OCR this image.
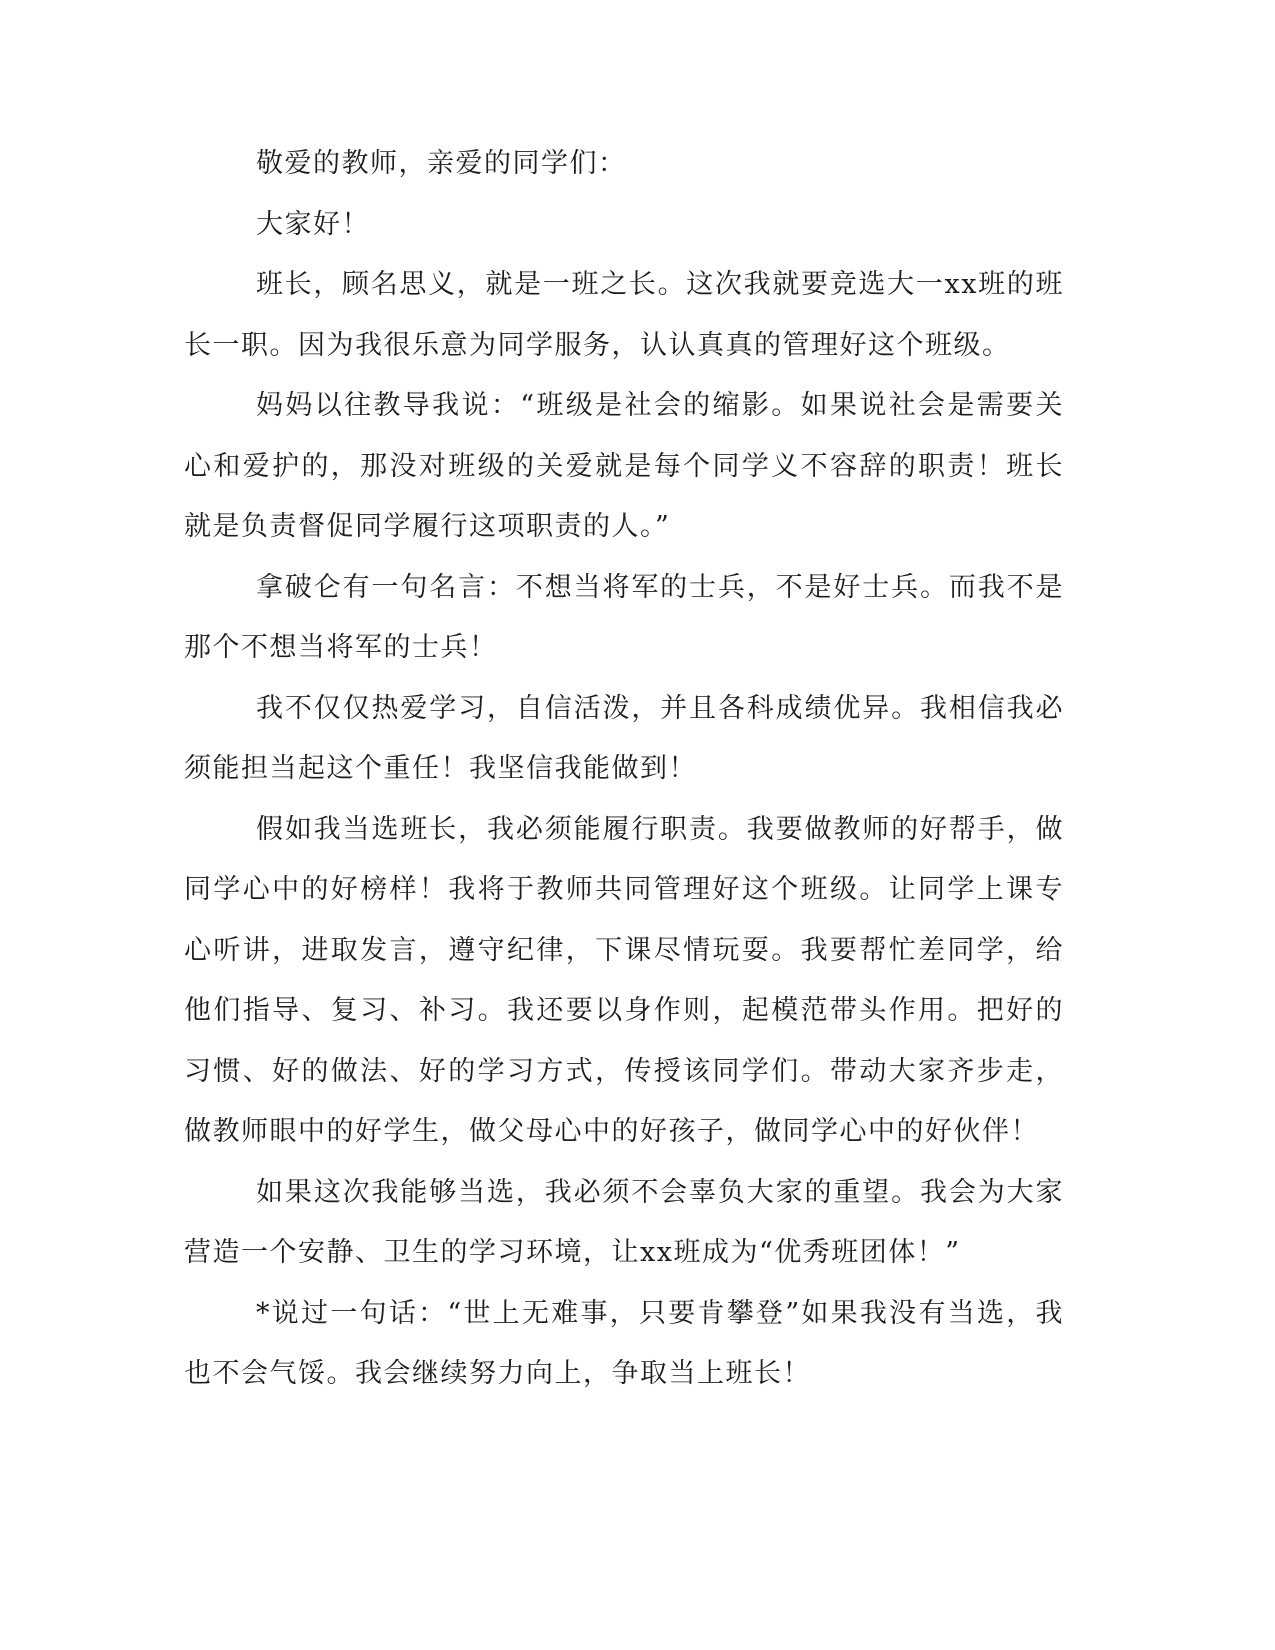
敬爱的教师，亲爱的同学们：

大家好！

班长，顾名思义，就是一班之长。这次我就要竞选大一xx班的班长一职。因为我很乐意为同学服务，认认真真的管理好这个班级。

妈妈以往教导我说：“班级是社会的缩影。如果说社会是需要关心和爱护的，那没对班级的关爱就是每个同学义不容辞的职责！班长就是负责督促同学履行这项职责的人。”

拿破仑有一句名言：不想当将军的士兵，不是好士兵。而我不是那个不想当将军的士兵！

我不仅仅热爱学习，自信活泼，并且各科成绩优异。我相信我必须能担当起这个重任！我坚信我能做到！

假如我当选班长，我必须能履行职责。我要做教师的好帮手，做同学心中的好榜样！我将于教师共同管理好这个班级。让同学上课专心听讲，进取发言，遵守纪律，下课尽情玩耍。我要帮忙差同学，给他们指导、复习、补习。我还要以身作则，起模范带头作用。把好的习惯、好的做法、好的学习方式，传授该同学们。带动大家齐步走，做教师眼中的好学生，做父母心中的好孩子，做同学心中的好伙伴！

如果这次我能够当选，我必须不会辜负大家的重望。我会为大家营造一个安静、卫生的学习环境，让xx班成为“优秀班团体！”

*说过一句话：“世上无难事，只要肯攀登”如果我没有当选，我也不会气馁。我会继续努力向上，争取当上班长！
